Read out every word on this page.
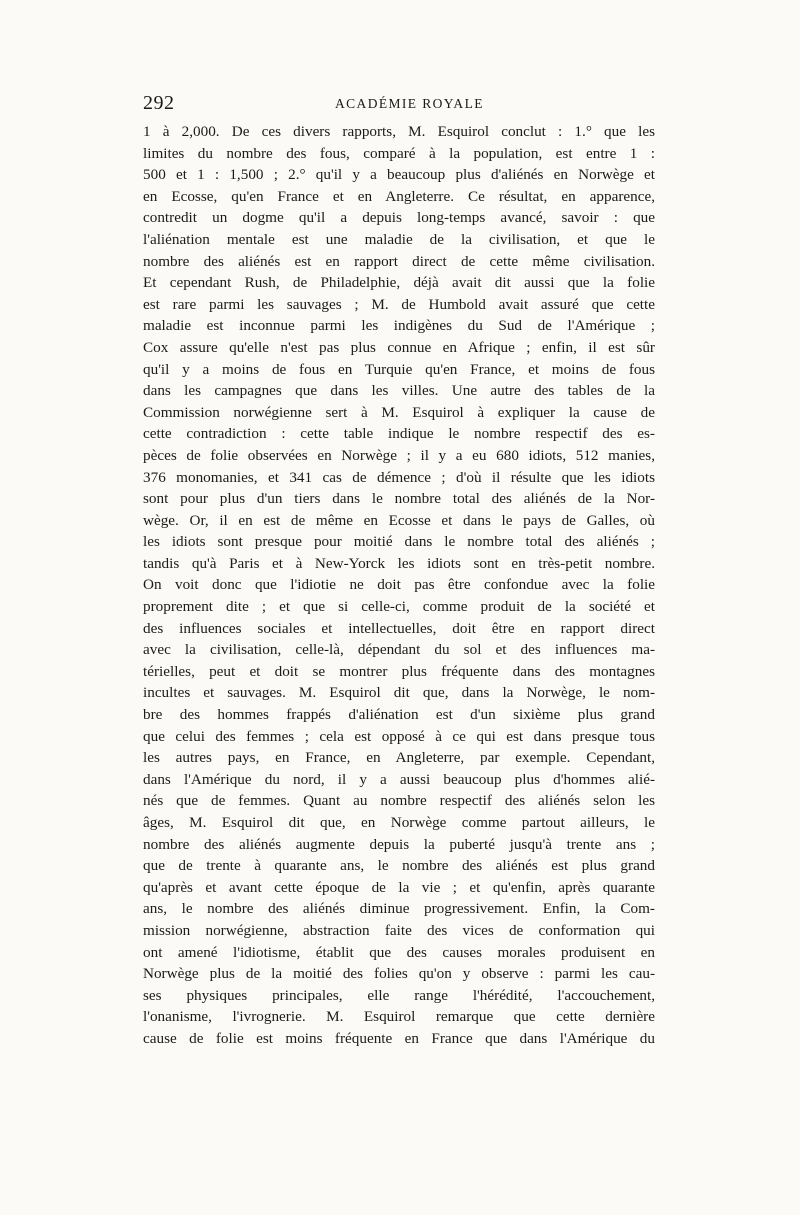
292	ACADÉMIE ROYALE
1 à 2,000. De ces divers rapports, M. Esquirol conclut : 1.° que les
limites du nombre des fous, comparé à la population, est entre 1 :
500 et 1 : 1,500 ; 2.° qu'il y a beaucoup plus d'aliénés en Norwège et
en Ecosse, qu'en France et en Angleterre. Ce résultat, en apparence,
contredit un dogme qu'il a depuis long-temps avancé, savoir : que
l'aliénation mentale est une maladie de la civilisation, et que le
nombre des aliénés est en rapport direct de cette même civilisation.
Et cependant Rush, de Philadelphie, déjà avait dit aussi que la folie
est rare parmi les sauvages ; M. de Humbold avait assuré que cette
maladie est inconnue parmi les indigènes du Sud de l'Amérique ;
Cox assure qu'elle n'est pas plus connue en Afrique ; enfin, il est sûr
qu'il y a moins de fous en Turquie qu'en France, et moins de fous
dans les campagnes que dans les villes. Une autre des tables de la
Commission norwégienne sert à M. Esquirol à expliquer la cause de
cette contradiction : cette table indique le nombre respectif des es-
pèces de folie observées en Norwège ; il y a eu 680 idiots, 512 manies,
376 monomanies, et 341 cas de démence ; d'où il résulte que les idiots
sont pour plus d'un tiers dans le nombre total des aliénés de la Nor-
wège. Or, il en est de même en Ecosse et dans le pays de Galles, où
les idiots sont presque pour moitié dans le nombre total des aliénés ;
tandis qu'à Paris et à New-Yorck les idiots sont en très-petit nombre.
On voit donc que l'idiotie ne doit pas être confondue avec la folie
proprement dite ; et que si celle-ci, comme produit de la société et
des influences sociales et intellectuelles, doit être en rapport direct
avec la civilisation, celle-là, dépendant du sol et des influences ma-
térielles, peut et doit se montrer plus fréquente dans des montagnes
incultes et sauvages. M. Esquirol dit que, dans la Norwège, le nom-
bre des hommes frappés d'aliénation est d'un sixième plus grand
que celui des femmes ; cela est opposé à ce qui est dans presque tous
les autres pays, en France, en Angleterre, par exemple. Cependant,
dans l'Amérique du nord, il y a aussi beaucoup plus d'hommes alié-
nés que de femmes. Quant au nombre respectif des aliénés selon les
âges, M. Esquirol dit que, en Norwège comme partout ailleurs, le
nombre des aliénés augmente depuis la puberté jusqu'à trente ans ;
que de trente à quarante ans, le nombre des aliénés est plus grand
qu'après et avant cette époque de la vie ; et qu'enfin, après quarante
ans, le nombre des aliénés diminue progressivement. Enfin, la Com-
mission norwégienne, abstraction faite des vices de conformation qui
ont amené l'idiotisme, établit que des causes morales produisent en
Norwège plus de la moitié des folies qu'on y observe : parmi les cau-
ses physiques principales, elle range l'hérédité, l'accouchement,
l'onanisme, l'ivrognerie. M. Esquirol remarque que cette dernière
cause de folie est moins fréquente en France que dans l'Amérique du
